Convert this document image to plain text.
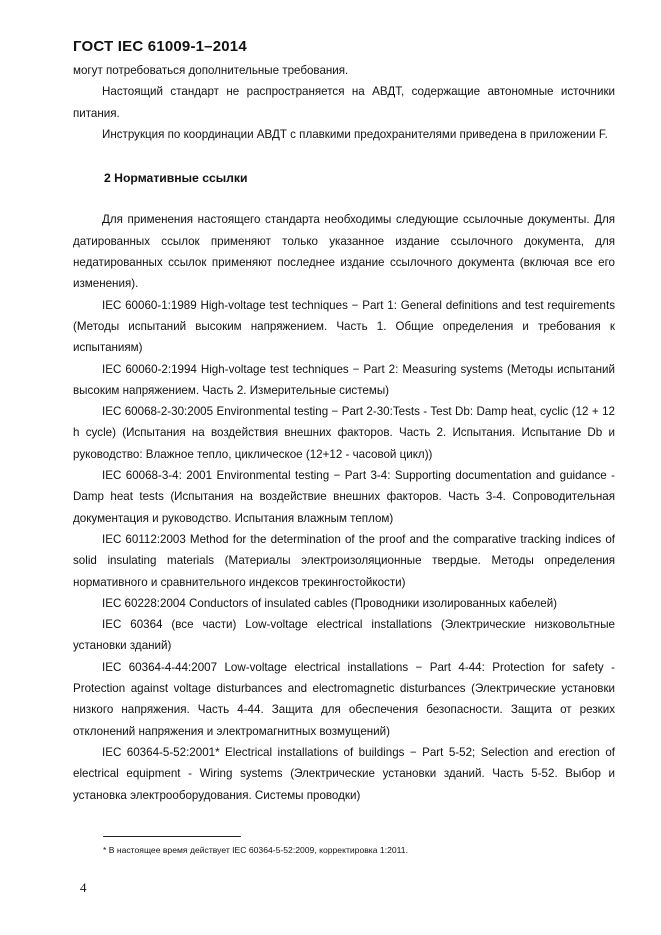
ГОСТ IEC 61009-1–2014

могут потребоваться дополнительные требования.

Настоящий стандарт не распространяется на АВДТ, содержащие автономные источники питания.

Инструкция по координации АВДТ с плавкими предохранителями приведена в приложении F.

2 Нормативные ссылки

Для применения настоящего стандарта необходимы следующие ссылочные документы. Для датированных ссылок применяют только указанное издание ссылочного документа, для недатированных ссылок применяют последнее издание ссылочного документа (включая все его изменения).

IEC 60060-1:1989 High-voltage test techniques − Part 1: General definitions and test requirements (Методы испытаний высоким напряжением. Часть 1. Общие определения и требования к испытаниям)

IEC 60060-2:1994 High-voltage test techniques − Part 2: Measuring systems (Методы испытаний высоким напряжением. Часть 2. Измерительные системы)

IEC 60068-2-30:2005 Environmental testing − Part 2-30:Tests - Test Db: Damp heat, cyclic (12 + 12 h cycle) (Испытания на воздействия внешних факторов. Часть 2. Испытания. Испытание Db и руководство: Влажное тепло, циклическое (12+12 - часовой цикл))

IEC 60068-3-4: 2001 Environmental testing − Part 3-4: Supporting documentation and guidance - Damp heat tests (Испытания на воздействие внешних факторов. Часть 3-4. Сопроводительная документация и руководство. Испытания влажным теплом)

IEC 60112:2003 Method for the determination of the proof and the comparative tracking indices of solid insulating materials (Материалы электроизоляционные твердые. Методы определения нормативного и сравнительного индексов трекингостойкости)

IEC 60228:2004 Conductors of insulated cables (Проводники изолированных кабелей)

IEC 60364 (все части) Low-voltage electrical installations (Электрические низковольтные установки зданий)

IEC 60364-4-44:2007 Low-voltage electrical installations − Part 4-44: Protection for safety - Protection against voltage disturbances and electromagnetic disturbances (Электрические установки низкого напряжения. Часть 4-44. Защита для обеспечения безопасности. Защита от резких отклонений напряжения и электромагнитных возмущений)

IEC 60364-5-52:2001* Electrical installations of buildings − Part 5-52; Selection and erection of electrical equipment - Wiring systems (Электрические установки зданий. Часть 5-52. Выбор и установка электрооборудования. Системы проводки)

* В настоящее время действует IEC 60364-5-52:2009, корректировка 1:2011.
4
